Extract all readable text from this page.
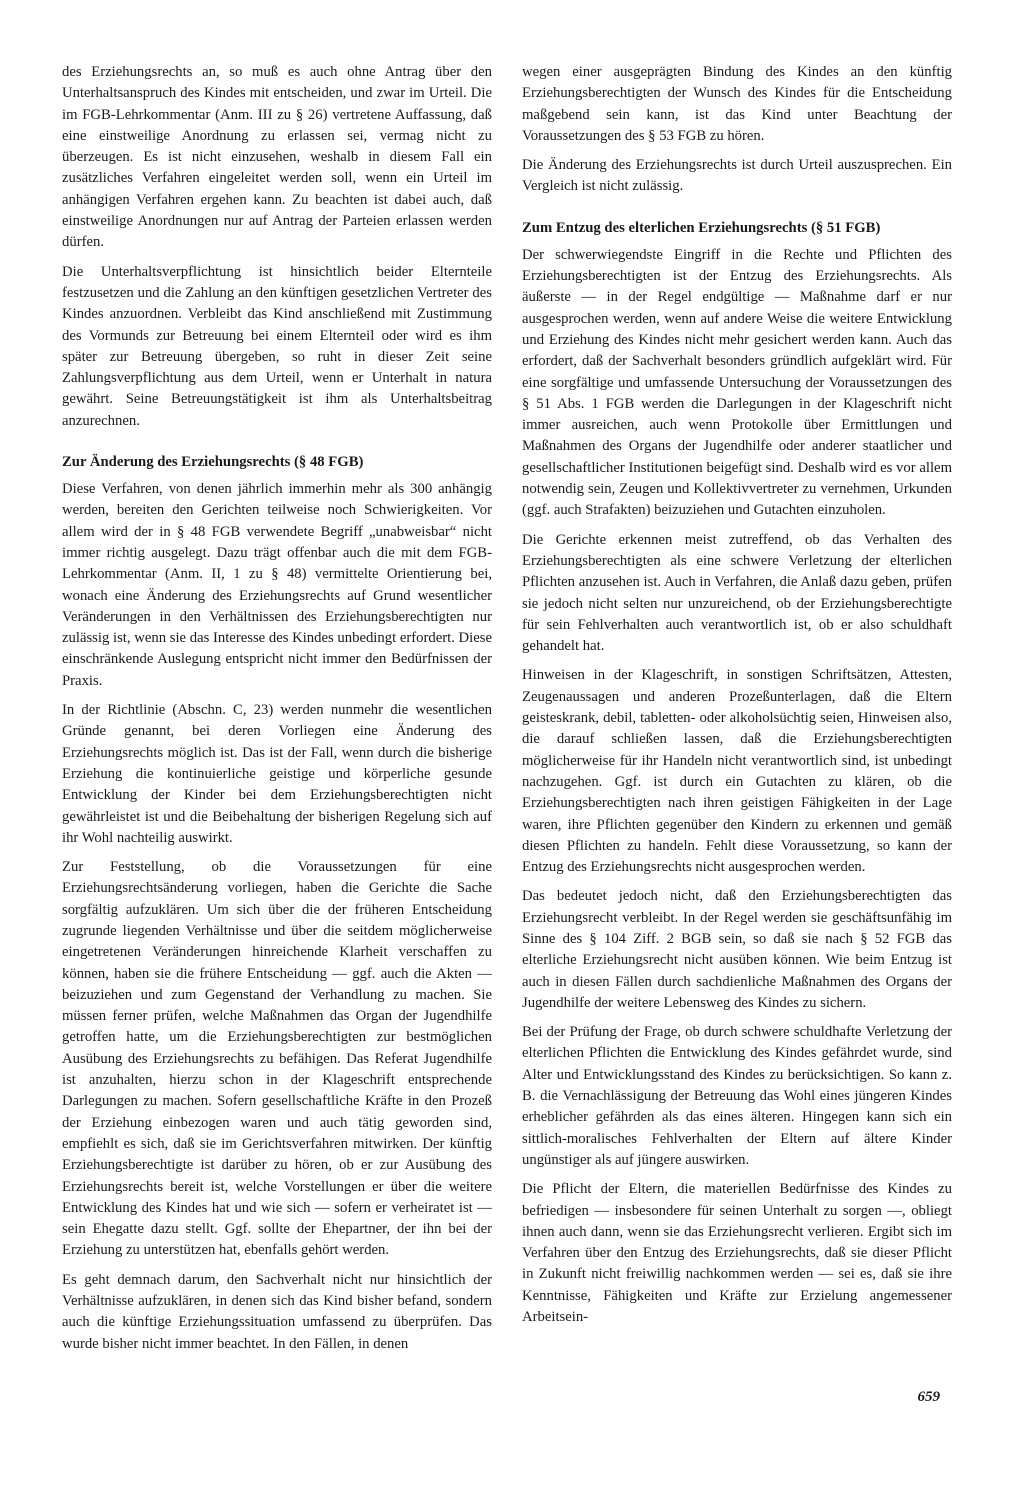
des Erziehungsrechts an, so muß es auch ohne Antrag über den Unterhaltsanspruch des Kindes mit entscheiden, und zwar im Urteil. Die im FGB-Lehrkommentar (Anm. III zu § 26) vertretene Auffassung, daß eine einstweilige Anordnung zu erlassen sei, vermag nicht zu überzeugen. Es ist nicht einzusehen, weshalb in diesem Fall ein zusätzliches Verfahren eingeleitet werden soll, wenn ein Urteil im anhängigen Verfahren ergehen kann. Zu beachten ist dabei auch, daß einstweilige Anordnungen nur auf Antrag der Parteien erlassen werden dürfen.

Die Unterhaltsverpflichtung ist hinsichtlich beider Elternteile festzusetzen und die Zahlung an den künftigen gesetzlichen Vertreter des Kindes anzuordnen. Verbleibt das Kind anschließend mit Zustimmung des Vormunds zur Betreuung bei einem Elternteil oder wird es ihm später zur Betreuung übergeben, so ruht in dieser Zeit seine Zahlungsverpflichtung aus dem Urteil, wenn er Unterhalt in natura gewährt. Seine Betreuungstätigkeit ist ihm als Unterhaltsbeitrag anzurechnen.

Zur Änderung des Erziehungsrechts (§ 48 FGB)

Diese Verfahren, von denen jährlich immerhin mehr als 300 anhängig werden, bereiten den Gerichten teilweise noch Schwierigkeiten. Vor allem wird der in § 48 FGB verwendete Begriff „unabweisbar“ nicht immer richtig ausgelegt. Dazu trägt offenbar auch die mit dem FGB-Lehrkommentar (Anm. II, 1 zu § 48) vermittelte Orientierung bei, wonach eine Änderung des Erziehungsrechts auf Grund wesentlicher Veränderungen in den Verhältnissen des Erziehungsberechtigten nur zulässig ist, wenn sie das Interesse des Kindes unbedingt erfordert. Diese einschränkende Auslegung entspricht nicht immer den Bedürfnissen der Praxis.

In der Richtlinie (Abschn. C, 23) werden nunmehr die wesentlichen Gründe genannt, bei deren Vorliegen eine Änderung des Erziehungsrechts möglich ist. Das ist der Fall, wenn durch die bisherige Erziehung die kontinuierliche geistige und körperliche gesunde Entwicklung der Kinder bei dem Erziehungsberechtigten nicht gewährleistet ist und die Beibehaltung der bisherigen Regelung sich auf ihr Wohl nachteilig auswirkt.

Zur Feststellung, ob die Voraussetzungen für eine Erziehungsrechtsänderung vorliegen, haben die Gerichte die Sache sorgfältig aufzuklären. Um sich über die der früheren Entscheidung zugrunde liegenden Verhältnisse und über die seitdem möglicherweise eingetretenen Veränderungen hinreichende Klarheit verschaffen zu können, haben sie die frühere Entscheidung — ggf. auch die Akten — beizuziehen und zum Gegenstand der Verhandlung zu machen. Sie müssen ferner prüfen, welche Maßnahmen das Organ der Jugendhilfe getroffen hatte, um die Erziehungsberechtigten zur bestmöglichen Ausübung des Erziehungsrechts zu befähigen. Das Referat Jugendhilfe ist anzuhalten, hierzu schon in der Klageschrift entsprechende Darlegungen zu machen. Sofern gesellschaftliche Kräfte in den Prozeß der Erziehung einbezogen waren und auch tätig geworden sind, empfiehlt es sich, daß sie im Gerichtsverfahren mitwirken. Der künftig Erziehungsberechtigte ist darüber zu hören, ob er zur Ausübung des Erziehungsrechts bereit ist, welche Vorstellungen er über die weitere Entwicklung des Kindes hat und wie sich — sofern er verheiratet ist — sein Ehegatte dazu stellt. Ggf. sollte der Ehepartner, der ihn bei der Erziehung zu unterstützen hat, ebenfalls gehört werden.

Es geht demnach darum, den Sachverhalt nicht nur hinsichtlich der Verhältnisse aufzuklären, in denen sich das Kind bisher befand, sondern auch die künftige Erziehungssituation umfassend zu überprüfen. Das wurde bisher nicht immer beachtet. In den Fällen, in denen

wegen einer ausgeprägten Bindung des Kindes an den künftig Erziehungsberechtigten der Wunsch des Kindes für die Entscheidung maßgebend sein kann, ist das Kind unter Beachtung der Voraussetzungen des § 53 FGB zu hören.

Die Änderung des Erziehungsrechts ist durch Urteil auszusprechen. Ein Vergleich ist nicht zulässig.

Zum Entzug des elterlichen Erziehungsrechts (§ 51 FGB)

Der schwerwiegendste Eingriff in die Rechte und Pflichten des Erziehungsberechtigten ist der Entzug des Erziehungsrechts. Als äußerste — in der Regel endgültige — Maßnahme darf er nur ausgesprochen werden, wenn auf andere Weise die weitere Entwicklung und Erziehung des Kindes nicht mehr gesichert werden kann. Auch das erfordert, daß der Sachverhalt besonders gründlich aufgeklärt wird. Für eine sorgfältige und umfassende Untersuchung der Voraussetzungen des § 51 Abs. 1 FGB werden die Darlegungen in der Klageschrift nicht immer ausreichen, auch wenn Protokolle über Ermittlungen und Maßnahmen des Organs der Jugendhilfe oder anderer staatlicher und gesellschaftlicher Institutionen beigefügt sind. Deshalb wird es vor allem notwendig sein, Zeugen und Kollektivvertreter zu vernehmen, Urkunden (ggf. auch Strafakten) beizuziehen und Gutachten einzuholen.

Die Gerichte erkennen meist zutreffend, ob das Verhalten des Erziehungsberechtigten als eine schwere Verletzung der elterlichen Pflichten anzusehen ist. Auch in Verfahren, die Anlaß dazu geben, prüfen sie jedoch nicht selten nur unzureichend, ob der Erziehungsberechtigte für sein Fehlverhalten auch verantwortlich ist, ob er also schuldhaft gehandelt hat.

Hinweisen in der Klageschrift, in sonstigen Schriftsätzen, Attesten, Zeugenaussagen und anderen Prozeßunterlagen, daß die Eltern geisteskrank, debil, tabletten- oder alkoholsüchtig seien, Hinweisen also, die darauf schließen lassen, daß die Erziehungsberechtigten möglicherweise für ihr Handeln nicht verantwortlich sind, ist unbedingt nachzugehen. Ggf. ist durch ein Gutachten zu klären, ob die Erziehungsberechtigten nach ihren geistigen Fähigkeiten in der Lage waren, ihre Pflichten gegenüber den Kindern zu erkennen und gemäß diesen Pflichten zu handeln. Fehlt diese Voraussetzung, so kann der Entzug des Erziehungsrechts nicht ausgesprochen werden.

Das bedeutet jedoch nicht, daß den Erziehungsberechtigten das Erziehungsrecht verbleibt. In der Regel werden sie geschäftsunfähig im Sinne des § 104 Ziff. 2 BGB sein, so daß sie nach § 52 FGB das elterliche Erziehungsrecht nicht ausüben können. Wie beim Entzug ist auch in diesen Fällen durch sachdienliche Maßnahmen des Organs der Jugendhilfe der weitere Lebensweg des Kindes zu sichern.

Bei der Prüfung der Frage, ob durch schwere schuldhafte Verletzung der elterlichen Pflichten die Entwicklung des Kindes gefährdet wurde, sind Alter und Entwicklungsstand des Kindes zu berücksichtigen. So kann z. B. die Vernachlässigung der Betreuung das Wohl eines jüngeren Kindes erheblicher gefährden als das eines älteren. Hingegen kann sich ein sittlich-moralisches Fehlverhalten der Eltern auf ältere Kinder ungünstiger als auf jüngere auswirken.

Die Pflicht der Eltern, die materiellen Bedürfnisse des Kindes zu befriedigen — insbesondere für seinen Unterhalt zu sorgen —, obliegt ihnen auch dann, wenn sie das Erziehungsrecht verlieren. Ergibt sich im Verfahren über den Entzug des Erziehungsrechts, daß sie dieser Pflicht in Zukunft nicht freiwillig nachkommen werden — sei es, daß sie ihre Kenntnisse, Fähigkeiten und Kräfte zur Erzielung angemessener Arbeitsein-

659
